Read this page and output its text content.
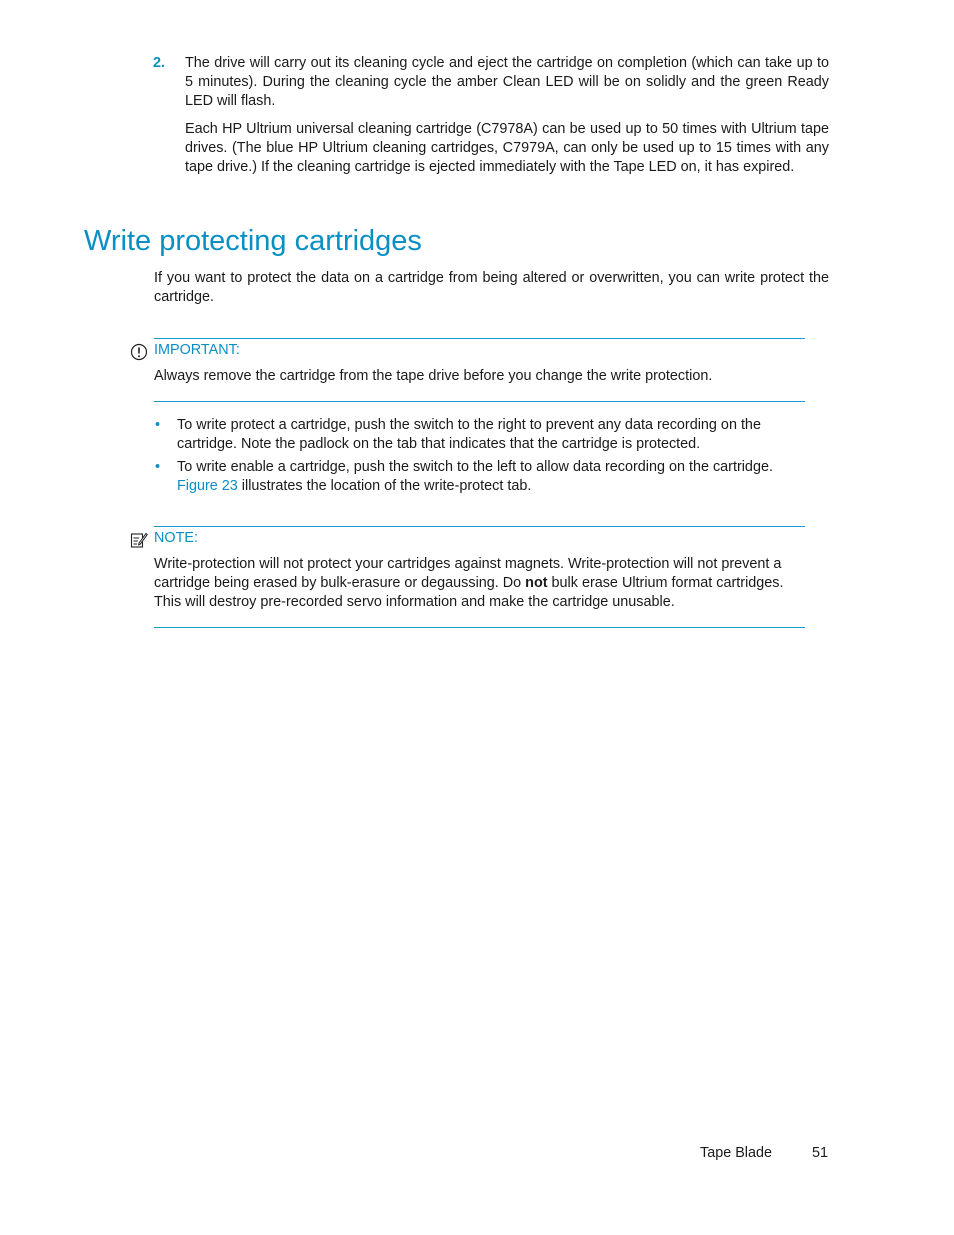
2. The drive will carry out its cleaning cycle and eject the cartridge on completion (which can take up to 5 minutes). During the cleaning cycle the amber Clean LED will be on solidly and the green Ready LED will flash.

Each HP Ultrium universal cleaning cartridge (C7978A) can be used up to 50 times with Ultrium tape drives. (The blue HP Ultrium cleaning cartridges, C7979A, can only be used up to 15 times with any tape drive.) If the cleaning cartridge is ejected immediately with the Tape LED on, it has expired.

Write protecting cartridges

If you want to protect the data on a cartridge from being altered or overwritten, you can write protect the cartridge.

IMPORTANT:

Always remove the cartridge from the tape drive before you change the write protection.

• To write protect a cartridge, push the switch to the right to prevent any data recording on the cartridge. Note the padlock on the tab that indicates that the cartridge is protected.
• To write enable a cartridge, push the switch to the left to allow data recording on the cartridge. Figure 23 illustrates the location of the write-protect tab.
NOTE:

Write-protection will not protect your cartridges against magnets. Write-protection will not prevent a cartridge being erased by bulk-erasure or degaussing. Do not bulk erase Ultrium format cartridges. This will destroy pre-recorded servo information and make the cartridge unusable.

Tape Blade	51
